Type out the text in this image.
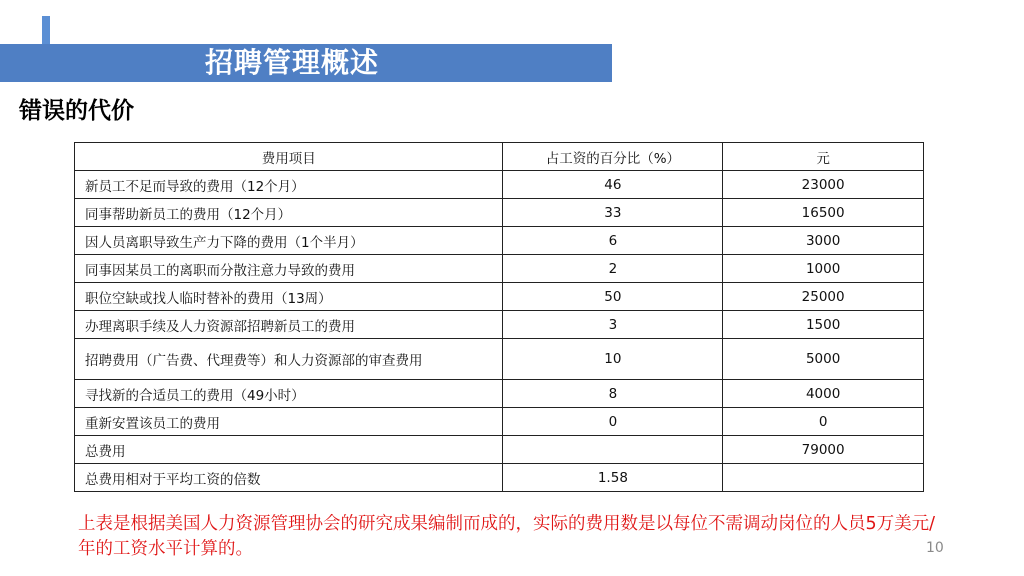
招聘管理概述
错误的代价
费用项目	占工资的百分比（%）	元
新员工不足而导致的费用（12个月）	46	23000
同事帮助新员工的费用（12个月）	33	16500
因人员离职导致生产力下降的费用（1个半月）	6	3000
同事因某员工的离职而分散注意力导致的费用	2	1000
职位空缺或找人临时替补的费用（13周）	50	25000
办理离职手续及人力资源部招聘新员工的费用	3	1500
招聘费用（广告费、代理费等）和人力资源部的审查费用	10	5000
寻找新的合适员工的费用（49小时）	8	4000
重新安置该员工的费用	0	0
总费用		79000
总费用相对于平均工资的倍数	1.58	
上表是根据美国人力资源管理协会的研究成果编制而成的，实际的费用数是以每位不需调动岗位的人员5万美元/年的工资水平计算的。	10
